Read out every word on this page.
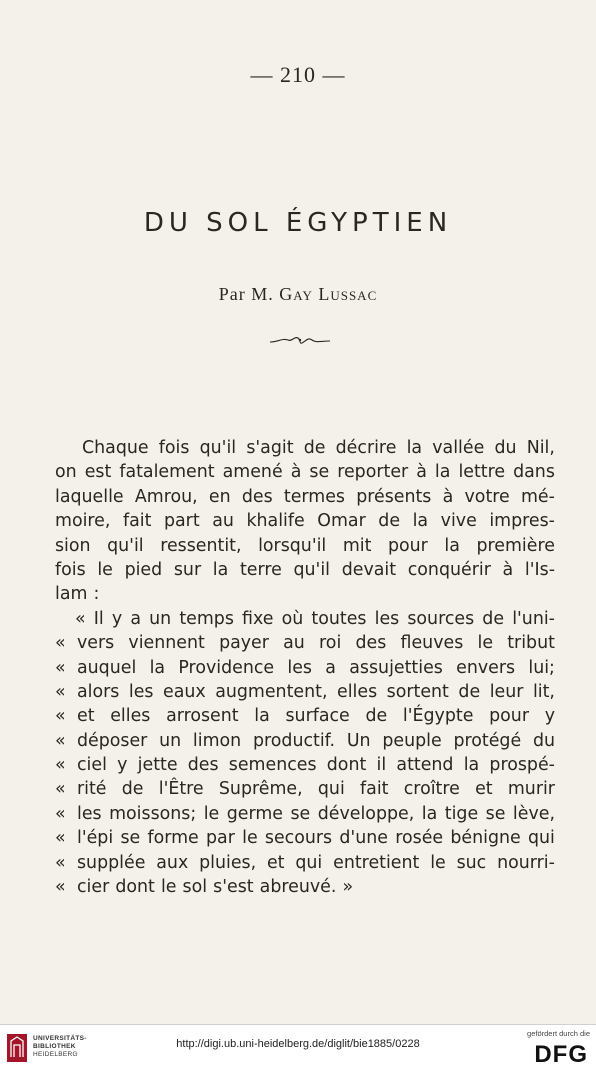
— 210 —
DU SOL ÉGYPTIEN
Par M. Gay Lussac
Chaque fois qu'il s'agit de décrire la vallée du Nil,
on est fatalement amené à se reporter à la lettre dans
laquelle Amrou, en des termes présents à votre mé-
moire, fait part au khalife Omar de la vive impres-
sion qu'il ressentit, lorsqu'il mit pour la première
fois le pied sur la terre qu'il devait conquérir à l'Is-
lam :
« Il y a un temps fixe où toutes les sources de l'uni-
« vers viennent payer au roi des fleuves le tribut
« auquel la Providence les a assujetties envers lui;
« alors les eaux augmentent, elles sortent de leur lit,
« et elles arrosent la surface de l'Égypte pour y
« déposer un limon productif. Un peuple protégé du
« ciel y jette des semences dont il attend la prospé-
« rité de l'Être Suprême, qui fait croître et murir
« les moissons; le germe se développe, la tige se lève,
« l'épi se forme par le secours d'une rosée bénigne qui
« supplée aux pluies, et qui entretient le suc nourri-
« cier dont le sol s'est abreuvé. »
UNIVERSITÄTS-
BIBLIOTHEK
HEIDELBERG
http://digi.ub.uni-heidelberg.de/diglit/bie1885/0228
gefördert durch die
DFG
